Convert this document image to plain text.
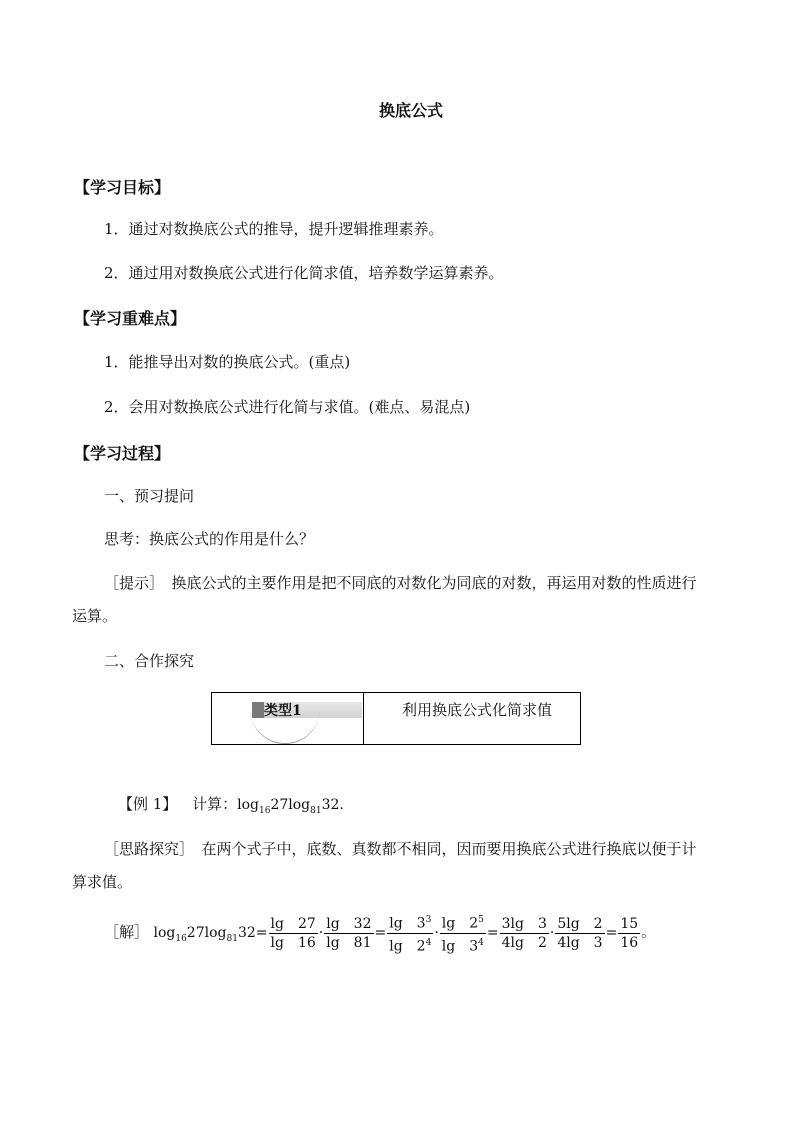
换底公式
【学习目标】
1．通过对数换底公式的推导，提升逻辑推理素养。
2．通过用对数换底公式进行化简求值，培养数学运算素养。
【学习重难点】
1．能推导出对数的换底公式。(重点)
2．会用对数换底公式进行化简与求值。(难点、易混点)
【学习过程】
一、预习提问
思考：换底公式的作用是什么？
［提示］　换底公式的主要作用是把不同底的对数化为同底的对数，再运用对数的性质进行
运算。
二、合作探究
类型1	利用换底公式化简求值
【例 1】 计算：$\log_{16}27\log_{81}32$.
［思路探究］　在两个式子中，底数、真数都不相同，因而要用换底公式进行换底以便于计
算求值。
［解］ $\log_{16}27\log_{81}32= \frac{\lg 27}{\lg 16} \cdot \frac{\lg 32}{\lg 81} = \frac{\lg 3^3}{\lg 2^4} \cdot \frac{\lg 2^5}{\lg 3^4} = \frac{3\lg 3}{4\lg 2} \cdot \frac{5\lg 2}{4\lg 3} = \frac{15}{16}$ 。
